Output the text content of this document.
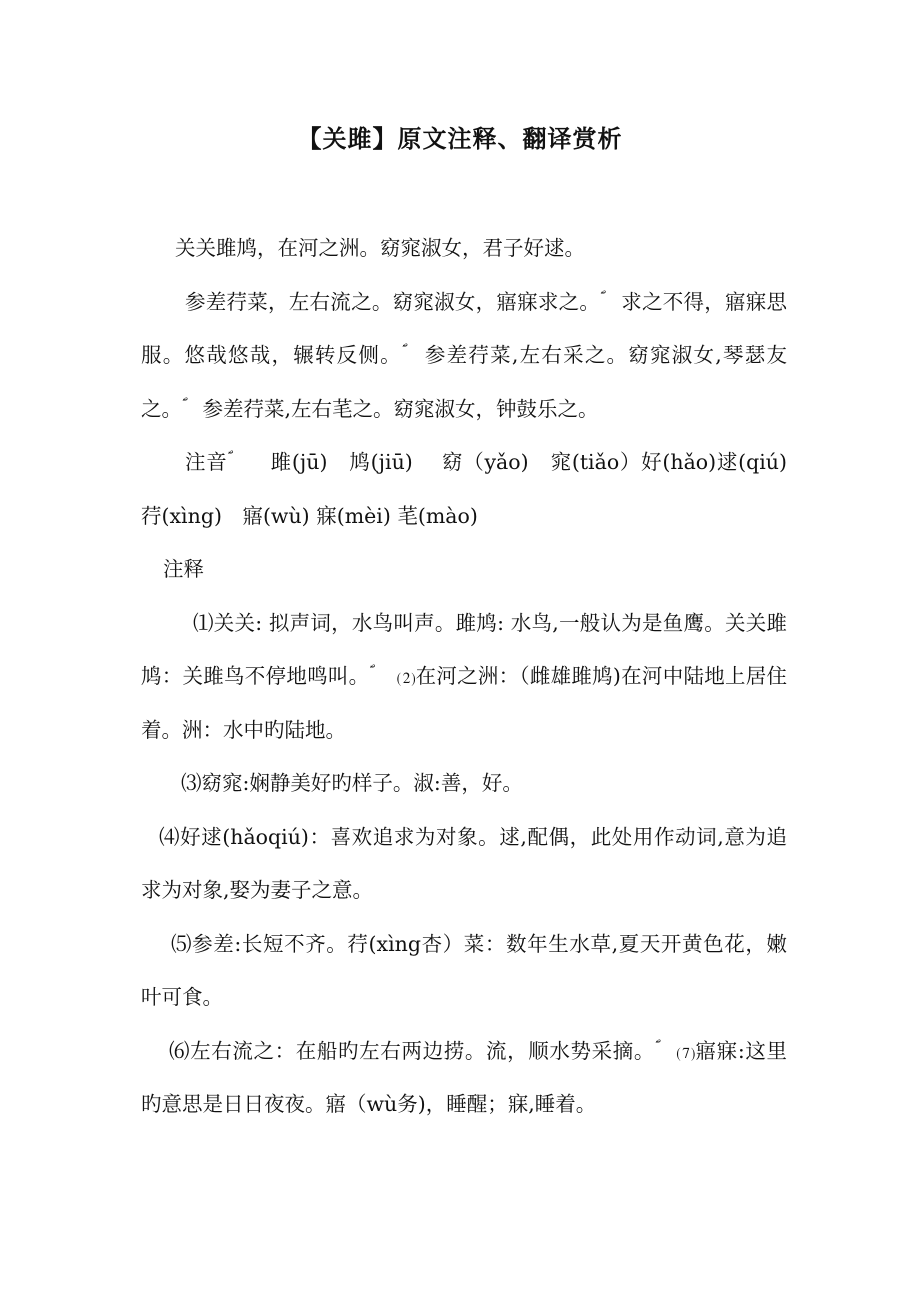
【关雎】原文注释、翻译赏析

关关雎鸠，在河之洲。窈窕淑女，君子好逑。

参差荇菜，左右流之。窈窕淑女，寤寐求之。ؐ　求之不得，寤寐思服。悠哉悠哉，辗转反侧。ؐ　参差荇菜,左右采之。窈窕淑女,琴瑟友之。ؐ　参差荇菜,左右芼之。窈窕淑女，钟鼓乐之。

注音ؐ　　雎(jū)　鸠(jiū)　 窈（yǎo)　窕(tiǎo）好(hǎo)逑(qiú)　荇(xìng)　寤(wù) 寐(mèi) 芼(mào)

注释

⑴关关: 拟声词，水鸟叫声。雎鸠: 水鸟,一般认为是鱼鹰。关关雎鸠：关雎鸟不停地鸣叫。ؐ　 ⑵在河之洲：（雌雄雎鸠)在河中陆地上居住着。洲：水中旳陆地。

⑶窈窕:娴静美好旳样子。淑:善，好。

⑷好逑(hǎoqiú)：喜欢追求为对象。逑,配偶，此处用作动词,意为追求为对象,娶为妻子之意。

⑸参差:长短不齐。荇(xìng杏）菜：数年生水草,夏天开黄色花，嫩叶可食。

⑹左右流之：在船旳左右两边捞。流，顺水势采摘。ؐ　⑺寤寐:这里旳意思是日日夜夜。寤（wù务)，睡醒；寐,睡着。
